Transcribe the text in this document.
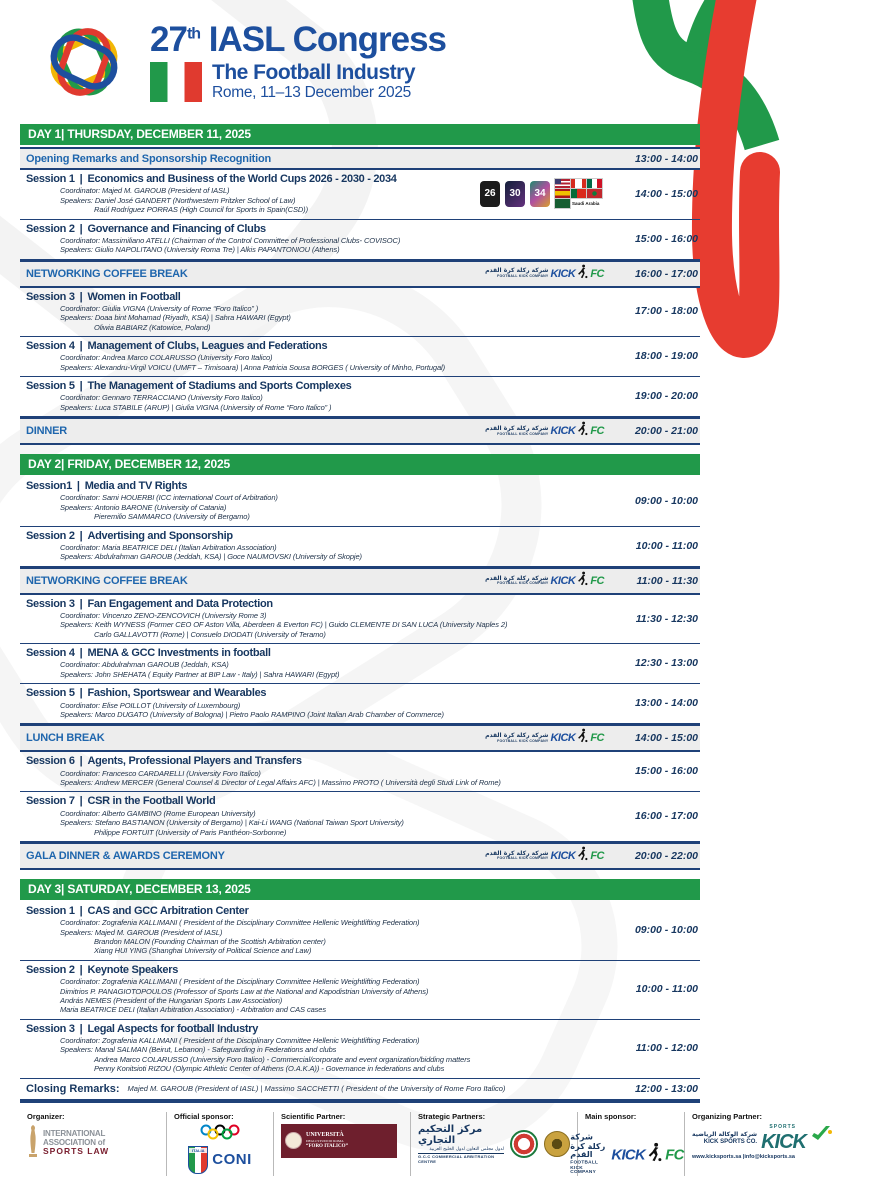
27th IASL Congress
The Football Industry
Rome, 11–13 December 2025
DAY 1| THURSDAY, DECEMBER 11, 2025
Opening Remarks and Sponsorship Recognition	13:00 - 14:00
Session 1 | Economics and Business of the World Cups 2026 - 2030 - 2034
Coordinator: Majed M. GAROUB (President of IASL)
Speakers: Daniel José GANDERT (Northwestern Pritzker School of Law)
Raúl Rodríguez PORRAS (High Council for Sports in Spain(CSD))
26	30	34
Saudi Arabia
14:00 - 15:00
Session 2 | Governance and Financing of Clubs
Coordinator: Massimiliano ATELLI (Chairman of the Control Committee of Professional Clubs- COVISOC)
Speakers: Giulio NAPOLITANO (University Roma Tre) | Alkis PAPANTONIOU (Athens)
15:00 - 16:00
NETWORKING COFFEE BREAK	شركة ركلة كرة القدم
FOOTBALL KICK COMPANY KICK FC	16:00 - 17:00
Session 3 | Women in Football
Coordinator: Giulia VIGNA (University of Rome “Foro Italico” )
Speakers: Doaa bint Mohamad (Riyadh, KSA) | Sahra HAWARI (Egypt)
Oliwia BABIARZ (Katowice, Poland)
17:00 - 18:00
Session 4 | Management of Clubs, Leagues and Federations
Coordinator: Andrea Marco COLARUSSO (University Foro Italico)
Speakers: Alexandru-Virgil VOICU (UMFT – Timisoara) | Anna Patricia Sousa BORGES ( University of Minho, Portugal)
18:00 - 19:00
Session 5 | The Management of Stadiums and Sports Complexes
Coordinator: Gennaro TERRACCIANO (University Foro Italico)
Speakers: Luca STABILE (ARUP) | Giulia VIGNA (University of Rome “Foro Italico” )
19:00 - 20:00
DINNER	شركة ركلة كرة القدم
FOOTBALL KICK COMPANY KICK FC	20:00 - 21:00
DAY 2| FRIDAY, DECEMBER 12, 2025
Session1 | Media and TV Rights
Coordinator: Sami HOUERBI (ICC international Court of Arbitration)
Speakers: Antonio BARONE (University of Catania)
Pieremilio SAMMARCO (University of Bergamo)
09:00 - 10:00
Session 2 | Advertising and Sponsorship
Coordinator: Maria BEATRICE DELI (Italian Arbitration Association)
Speakers: Abdulrahman GAROUB (Jeddah, KSA) | Goce NAUMOVSKI (University of Skopje)
10:00 - 11:00
NETWORKING COFFEE BREAK	شركة ركلة كرة القدم
FOOTBALL KICK COMPANY KICK FC	11:00 - 11:30
Session 3 | Fan Engagement and Data Protection
Coordinator: Vincenzo ZENO-ZENCOVICH (University Rome 3)
Speakers: Keith WYNESS (Former CEO OF Aston Villa, Aberdeen & Everton FC) | Guido CLEMENTE DI SAN LUCA (University Naples 2)
Carlo GALLAVOTTI (Rome) | Consuelo DIODATI (University of Teramo)
11:30 - 12:30
Session 4 | MENA & GCC Investments in football
Coordinator: Abdulrahman GAROUB (Jeddah, KSA)
Speakers: John SHEHATA ( Equity Partner at BIP Law - Italy) | Sahra HAWARI (Egypt)
12:30 - 13:00
Session 5 | Fashion, Sportswear and Wearables
Coordinator: Elise POILLOT (University of Luxembourg)
Speakers: Marco DUGATO (University of Bologna) | Pietro Paolo RAMPINO (Joint Italian Arab Chamber of Commerce)
13:00 - 14:00
LUNCH BREAK	شركة ركلة كرة القدم
FOOTBALL KICK COMPANY KICK FC	14:00 - 15:00
Session 6 | Agents, Professional Players and Transfers
Coordinator: Francesco CARDARELLI (University Foro Italico)
Speakers: Andrew MERCER (General Counsel & Director of Legal Affairs AFC) | Massimo PROTO ( Università degli Studi Link of Rome)
15:00 - 16:00
Session 7 | CSR in the Football World
Coordinator: Alberto GAMBINO (Rome European University)
Speakers: Stefano BASTIANON (University of Bergamo) | Kai-Li WANG (National Taiwan Sport University)
Philippe FORTUIT (University of Paris Panthéon-Sorbonne)
16:00 - 17:00
GALA DINNER & AWARDS CEREMONY	شركة ركلة كرة القدم
FOOTBALL KICK COMPANY KICK FC	20:00 - 22:00
DAY 3| SATURDAY, DECEMBER 13, 2025
Session 1 | CAS and GCC Arbitration Center
Coordinator: Zografenia KALLIMANI ( President of the Disciplinary Committee Hellenic Weightlifting Federation)
Speakers: Majed M. GAROUB (President of IASL)
Brandon MALON (Founding Chairman of the Scottish Arbitration center)
Xiang HUI YING (Shanghai University of Political Science and Law)
09:00 - 10:00
Session 2 | Keynote Speakers
Coordinator: Zografenia KALLIMANI ( President of the Disciplinary Committee Hellenic Weightlifting Federation)
Dimitrios P. PANAGIOTOPOULOS (Professor of Sports Law at the National and Kapodistrian University of Athens)
András NEMES (President of the Hungarian Sports Law Association)
Maria BEATRICE DELI (Italian Arbitration Association) - Arbitration and CAS cases
10:00 - 11:00
Session 3 | Legal Aspects for football Industry
Coordinator: Zografenia KALLIMANI ( President of the Disciplinary Committee Hellenic Weightlifting Federation)
Speakers: Manal SALMAN (Beirut, Lebanon) - Safeguarding in Federations and clubs
Andrea Marco COLARUSSO (University Foro Italico) - Commercial/corporate and event organization/bidding matters
Penny Konitsioti RIZOU (Olympic Athletic Center of Athens (O.A.K.A)) - Governance in federations and clubs
11:00 - 12:00
Closing Remarks: Majed M. GAROUB (President of IASL) | Massimo SACCHETTI ( President of the University of Rome Foro Italico)	12:00 - 13:00
Organizer:
INTERNATIONAL
ASSOCIATION of
SPORTS LAW
Official sponsor:
ITALIA
CONI
Scientific Partner:
UNIVERSITÀ
DEGLI STUDI DI ROMA
“FORO ITALICO”
Strategic Partners:
مركز التحكيم التجاري
لدول مجلس التعاون لدول الخليج العربية
G.C.C COMMERCIAL ARBITRATION CENTRE
Main sponsor:
شركة ركلة كرة القدم
FOOTBALL KICK COMPANY
KICK FC
Organizing Partner:
شركة الوكالة الرياضية
KICK SPORTS CO.
SPORTS
KICK
www.kicksports.sa |info@kicksports.sa
